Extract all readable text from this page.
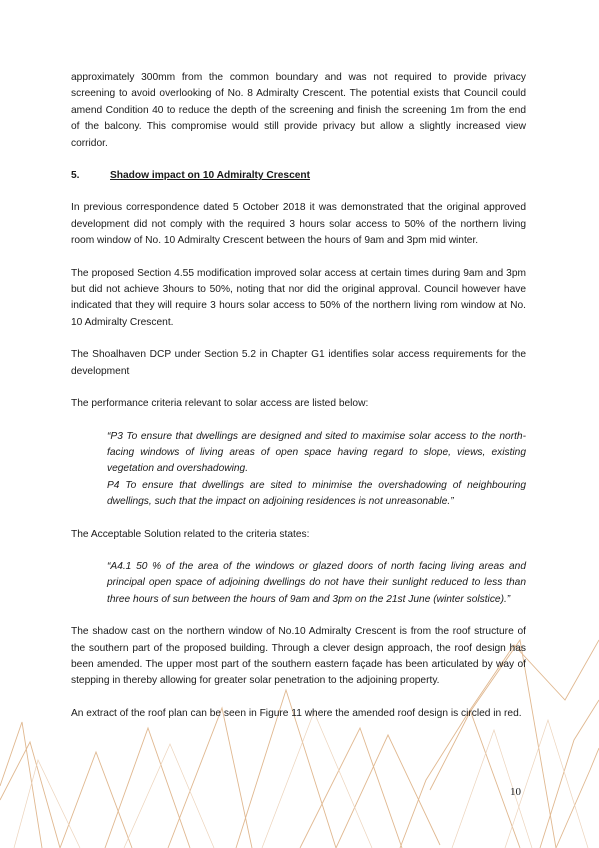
approximately 300mm from the common boundary and was not required to provide privacy screening to avoid overlooking of No. 8 Admiralty Crescent. The potential exists that Council could amend Condition 40 to reduce the depth of the screening and finish the screening 1m from the end of the balcony. This compromise would still provide privacy but allow a slightly increased view corridor.

5.	Shadow impact on 10 Admiralty Crescent

In previous correspondence dated 5 October 2018 it was demonstrated that the original approved development did not comply with the required 3 hours solar access to 50% of the northern living room window of No. 10 Admiralty Crescent between the hours of 9am and 3pm mid winter.

The proposed Section 4.55 modification improved solar access at certain times during 9am and 3pm but did not achieve 3hours to 50%, noting that nor did the original approval. Council however have indicated that they will require 3 hours solar access to 50% of the northern living rom window at No. 10 Admiralty Crescent.

The Shoalhaven DCP under Section 5.2 in Chapter G1 identifies solar access requirements for the development

The performance criteria relevant to solar access are listed below:

“P3 To ensure that dwellings are designed and sited to maximise solar access to the north-facing windows of living areas of open space having regard to slope, views, existing vegetation and overshadowing.

P4 To ensure that dwellings are sited to minimise the overshadowing of neighbouring dwellings, such that the impact on adjoining residences is not unreasonable.”

The Acceptable Solution related to the criteria states:

“A4.1 50 % of the area of the windows or glazed doors of north facing living areas and principal open space of adjoining dwellings do not have their sunlight reduced to less than three hours of sun between the hours of 9am and 3pm on the 21st June (winter solstice).”

The shadow cast on the northern window of No.10 Admiralty Crescent is from the roof structure of the southern part of the proposed building. Through a clever design approach, the roof design has been amended. The upper most part of the southern eastern façade has been articulated by way of stepping in thereby allowing for greater solar penetration to the adjoining property.

An extract of the roof plan can be seen in Figure 11 where the amended roof design is circled in red.

10
